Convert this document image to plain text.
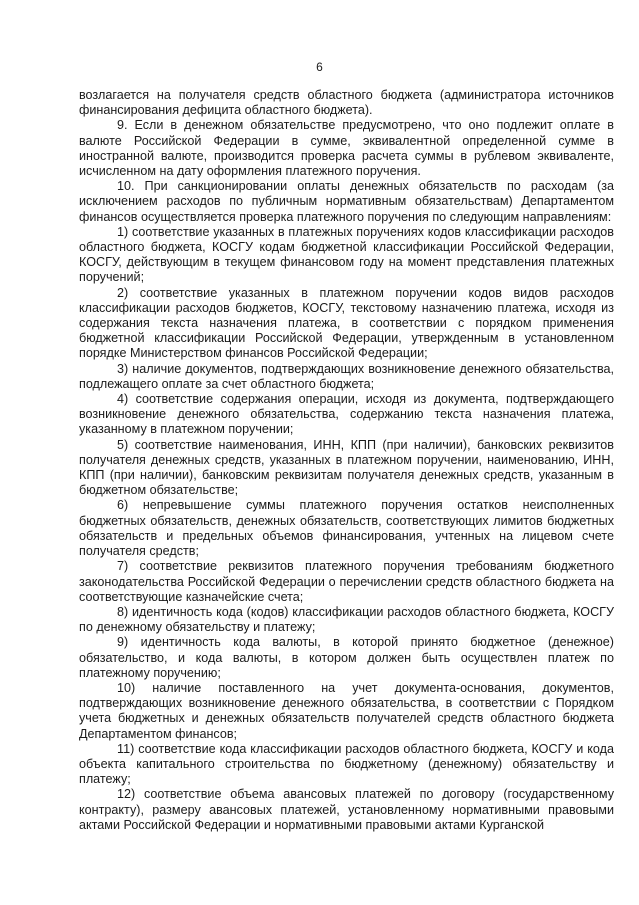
6

возлагается на получателя средств областного бюджета (администратора источников финансирования дефицита областного бюджета).

9. Если в денежном обязательстве предусмотрено, что оно подлежит оплате в валюте Российской Федерации в сумме, эквивалентной определенной сумме в иностранной валюте, производится проверка расчета суммы в рублевом эквиваленте, исчисленном на дату оформления платежного поручения.

10. При санкционировании оплаты денежных обязательств по расходам (за исключением расходов по публичным нормативным обязательствам) Департаментом финансов осуществляется проверка платежного поручения по следующим направлениям:

1) соответствие указанных в платежных поручениях кодов классификации расходов областного бюджета, КОСГУ кодам бюджетной классификации Российской Федерации, КОСГУ, действующим в текущем финансовом году на момент представления платежных поручений;

2) соответствие указанных в платежном поручении кодов видов расходов классификации расходов бюджетов, КОСГУ, текстовому назначению платежа, исходя из содержания текста назначения платежа, в соответствии с порядком применения бюджетной классификации Российской Федерации, утвержденным в установленном порядке Министерством финансов Российской Федерации;

3) наличие документов, подтверждающих возникновение денежного обязательства, подлежащего оплате за счет областного бюджета;

4) соответствие содержания операции, исходя из документа, подтверждающего возникновение денежного обязательства, содержанию текста назначения платежа, указанному в платежном поручении;

5) соответствие наименования, ИНН, КПП (при наличии), банковских реквизитов получателя денежных средств, указанных в платежном поручении, наименованию, ИНН, КПП (при наличии), банковским реквизитам получателя денежных средств, указанным в бюджетном обязательстве;

6) непревышение суммы платежного поручения остатков неисполненных бюджетных обязательств, денежных обязательств, соответствующих лимитов бюджетных обязательств и предельных объемов финансирования, учтенных на лицевом счете получателя средств;

7) соответствие реквизитов платежного поручения требованиям бюджетного законодательства Российской Федерации о перечислении средств областного бюджета на соответствующие казначейские счета;

8) идентичность кода (кодов) классификации расходов областного бюджета, КОСГУ по денежному обязательству и платежу;

9) идентичность кода валюты, в которой принято бюджетное (денежное) обязательство, и кода валюты, в котором должен быть осуществлен платеж по платежному поручению;

10) наличие поставленного на учет документа-основания, документов, подтверждающих возникновение денежного обязательства, в соответствии с Порядком учета бюджетных и денежных обязательств получателей средств областного бюджета Департаментом финансов;

11) соответствие кода классификации расходов областного бюджета, КОСГУ и кода объекта капитального строительства по бюджетному (денежному) обязательству и платежу;

12) соответствие объема авансовых платежей по договору (государственному контракту), размеру авансовых платежей, установленному нормативными правовыми актами Российской Федерации и нормативными правовыми актами Курганской
